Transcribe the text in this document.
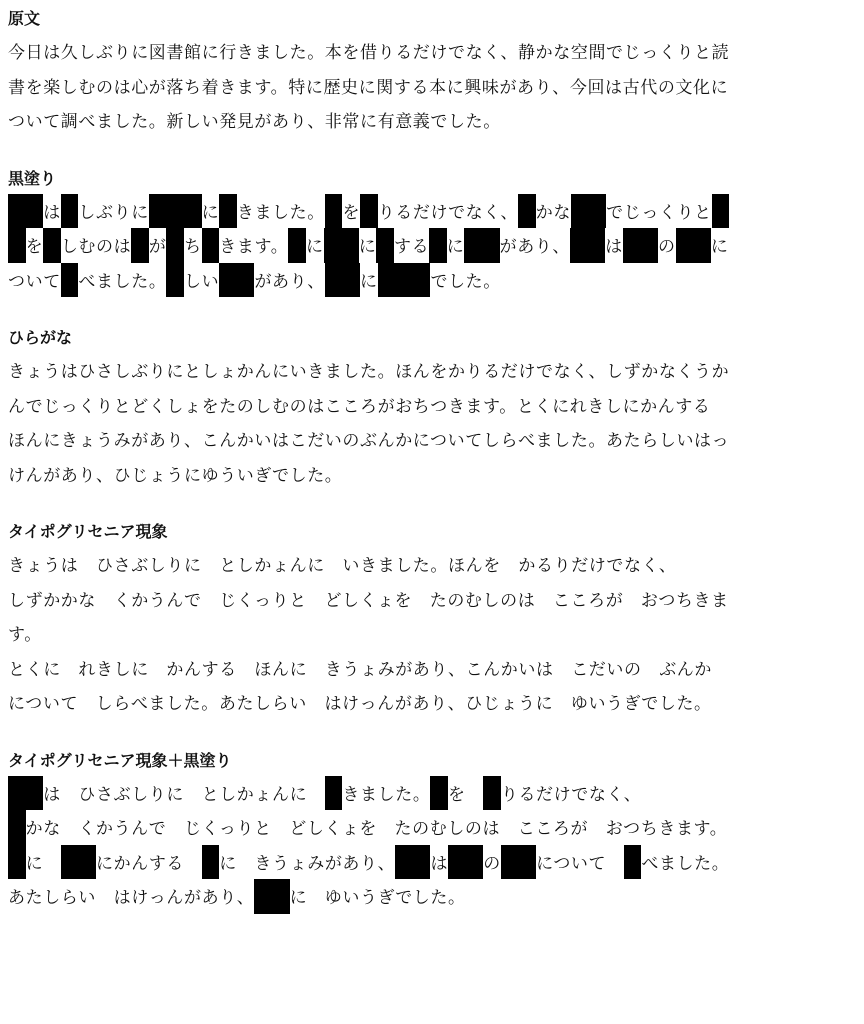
原文
今日は久しぶりに図書館に行きました。本を借りるだけでなく、静かな空間でじっくりと読
書を楽しむのは心が落ち着きます。特に歴史に関する本に興味があり、今回は古代の文化に
ついて調べました。新しい発見があり、非常に有意義でした。
黒塗り
は しぶりに	に きました。 を りるだけでなく、 かな でじっくりと
を しむのは が ち きます。 に に する に があり、 は の に
ついて べました。 しい があり、 に	でした。
ひらがな
きょうはひさしぶりにとしょかんにいきました。ほんをかりるだけでなく、しずかなくうか
んでじっくりとどくしょをたのしむのはこころがおちつきます。とくにれきしにかんする
ほんにきょうみがあり、こんかいはこだいのぶんかについてしらべました。あたらしいはっ
けんがあり、ひじょうにゆういぎでした。
タイポグリセニア現象
きょうは　ひさぶしりに　としかょんに　いきました。ほんを　かるりだけでなく、
しずかかな　くかうんで　じくっりと　どしくょを　たのむしのは　こころが　おつちきま
す。
とくに　れきしに　かんする　ほんに　きうょみがあり、こんかいは　こだいの　ぶんか
について　しらべました。あたしらい　はけっんがあり、ひじょうに　ゆいうぎでした。
タイポグリセニア現象＋黒塗り
は　ひさぶしりに　としかょんに　きました。 を　りるだけでなく、
かな　くかうんで　じくっりと　どしくょを　たのむしのは　こころが　おつちきます。
に　にかんする　に　きうょみがあり、 は の について　べました。
あたしらい　はけっんがあり、 に　ゆいうぎでした。
